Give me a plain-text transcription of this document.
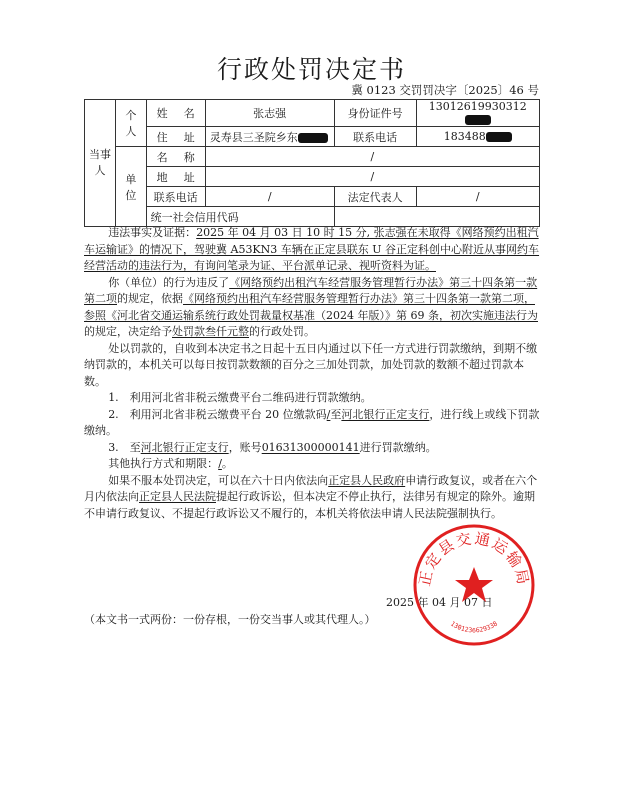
行政处罚决定书
冀 0123 交罚罚决字〔2025〕46 号
当事人	个人	姓 名	张志强	身份证件号	13012619930312
		住 址	灵寿县三圣院乡东	联系电话	183488
	单位	名 称	/		
		地 址	/		
		联系电话	/	法定代表人	/
		统一社会信用代码			
违法事实及证据：2025 年 04 月 03 日 10 时 15 分, 张志强在未取得《网络预约出租汽车运输证》的情况下，驾驶冀 A53KN3 车辆在正定县联东 U 谷正定科创中心附近从事网约车经营活动的违法行为，有询问笔录为证、平台派单记录、视听资料为证。
你（单位）的行为违反了《网络预约出租汽车经营服务管理暂行办法》第三十四条第一款第二项的规定，依据《网络预约出租汽车经营服务管理暂行办法》第三十四条第一款第二项，参照《河北省交通运输系统行政处罚裁量权基准（2024 年版）》第 69 条，初次实施违法行为的规定，决定给予处罚款叁仟元整的行政处罚。
处以罚款的，自收到本决定书之日起十五日内通过以下任一方式进行罚款缴纳，到期不缴纳罚款的，本机关可以每日按罚款数额的百分之三加处罚款，加处罚款的数额不超过罚款本数。
1.　利用河北省非税云缴费平台二维码进行罚款缴纳。
2.　利用河北省非税云缴费平台 20 位缴款码/至河北银行正定支行，进行线上或线下罚款缴纳。
3.　至河北银行正定支行，账号01631300000141进行罚款缴纳。
其他执行方式和期限：/。
如果不服本处罚决定，可以在六十日内依法向正定县人民政府申请行政复议，或者在六个月内依法向正定县人民法院提起行政诉讼，但本决定不停止执行，法律另有规定的除外。逾期不申请行政复议、不提起行政诉讼又不履行的，本机关将依法申请人民法院强制执行。
2025 年 04 月 07 日
正定县交通运输局
1301236629338
（本文书一式两份：一份存根，一份交当事人或其代理人。）
